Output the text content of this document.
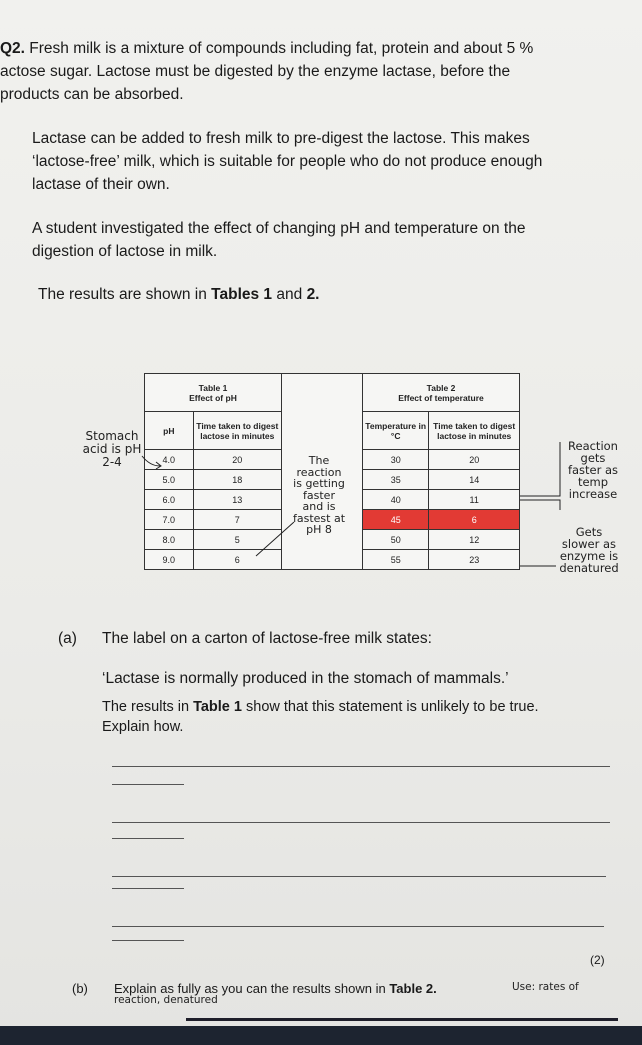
Q2. Fresh milk is a mixture of compounds including fat, protein and about 5 %
actose sugar. Lactose must be digested by the enzyme lactase, before the
products can be absorbed.
Lactase can be added to fresh milk to pre-digest the lactose. This makes
‘lactose-free’ milk, which is suitable for people who do not produce enough
lactase of their own.
A student investigated the effect of changing pH and temperature on the
digestion of lactose in milk.
The results are shown in Tables 1 and 2.
Table 1
Effect of pH		

pH	Time taken to digest lactose in minutes	
4.0	20	
5.0	18	
6.0	13	
7.0	7	
8.0	5	
9.0	6	
Table 2
Effect of temperature	

Temperature in °C	Time taken to digest lactose in minutes
30	20
35	14
40	11
45	6
50	12
55	23
Stomach
acid is pH
2-4	The
reaction
is getting
faster
and is
fastest at
pH 8
Reaction
gets
faster as
temp
increase
Gets
slower as
enzyme is
denatured
(a) The label on a carton of lactose-free milk states:
‘Lactase is normally produced in the stomach of mammals.’
The results in Table 1 show that this statement is unlikely to be true.
Explain how.
(2)
(b) Explain as fully as you can the results shown in Table 2.	Use: rates of reaction, denatured
